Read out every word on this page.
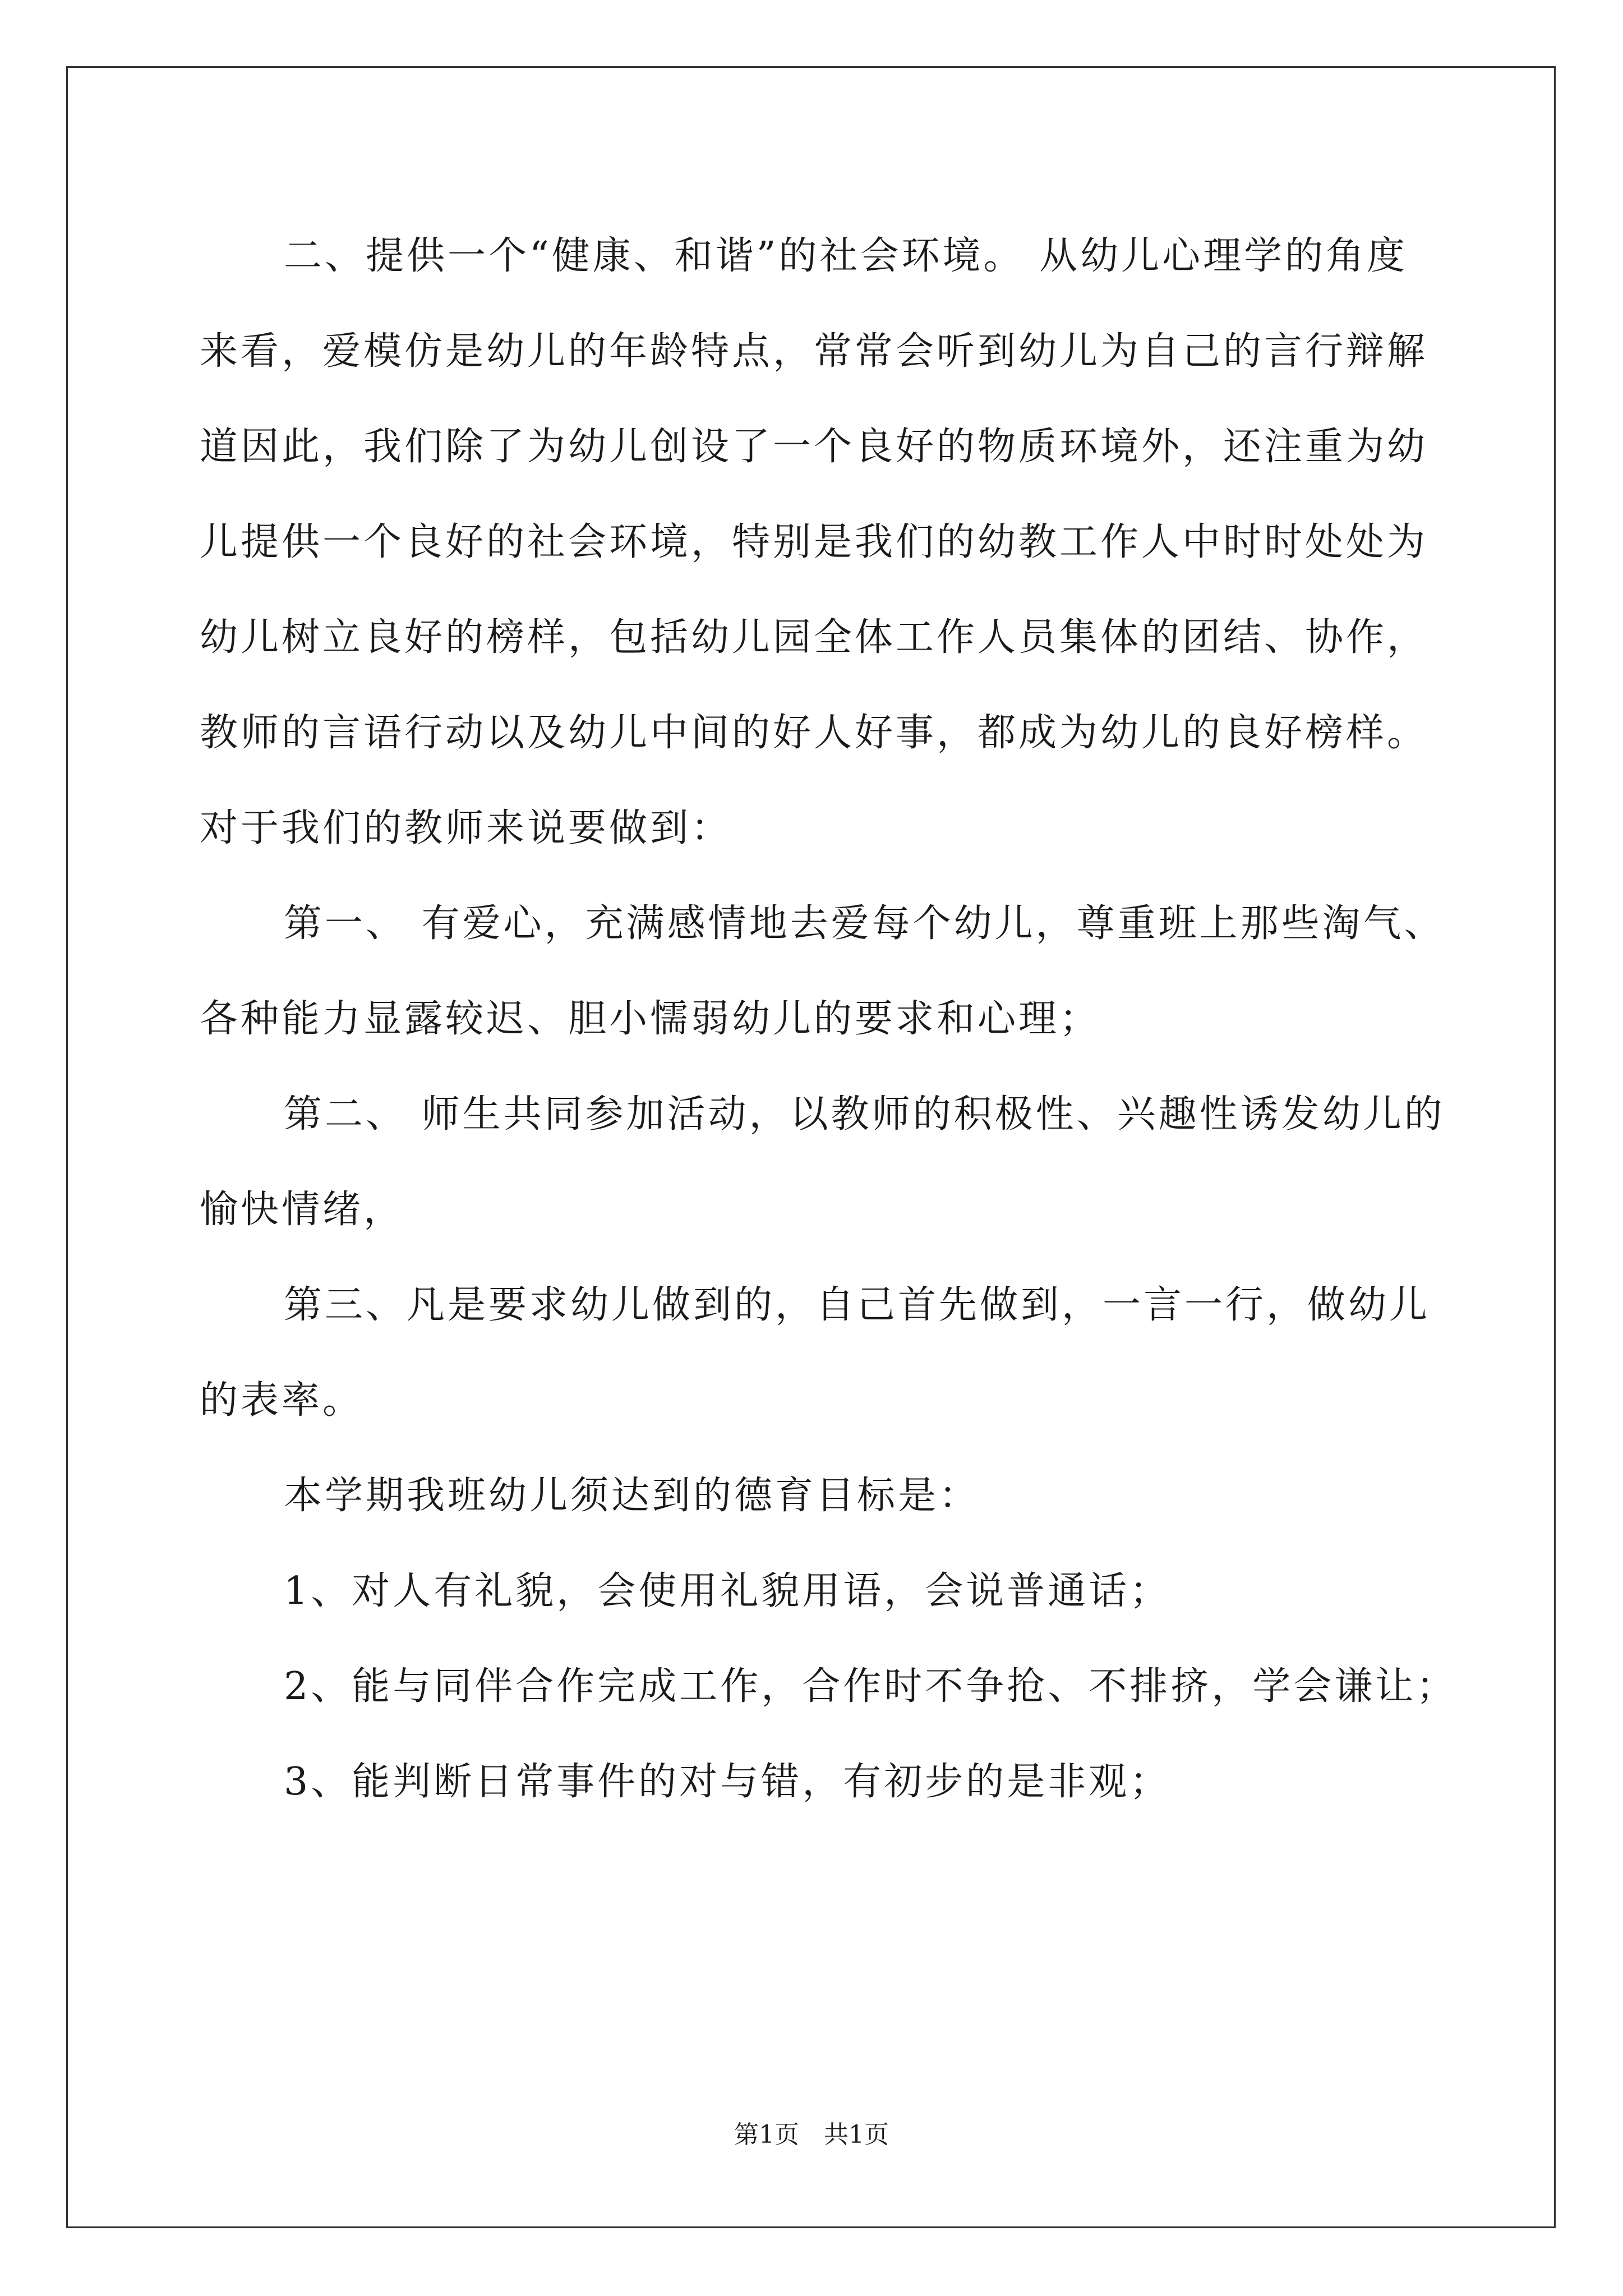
二、提供一个“健康、和谐”的社会环境。 从幼儿心理学的角度
来看，爱模仿是幼儿的年龄特点，常常会听到幼儿为自己的言行辩解
道因此，我们除了为幼儿创设了一个良好的物质环境外，还注重为幼
儿提供一个良好的社会环境，特别是我们的幼教工作人中时时处处为
幼儿树立良好的榜样，包括幼儿园全体工作人员集体的团结、协作，
教师的言语行动以及幼儿中间的好人好事，都成为幼儿的良好榜样。
对于我们的教师来说要做到：
第一、 有爱心，充满感情地去爱每个幼儿，尊重班上那些淘气、
各种能力显露较迟、胆小懦弱幼儿的要求和心理；
第二、 师生共同参加活动，以教师的积极性、兴趣性诱发幼儿的
愉快情绪，
第三、凡是要求幼儿做到的，自己首先做到，一言一行，做幼儿
的表率。
本学期我班幼儿须达到的德育目标是：
1、对人有礼貌，会使用礼貌用语，会说普通话；
2、能与同伴合作完成工作，合作时不争抢、不排挤，学会谦让；
3、能判断日常事件的对与错，有初步的是非观；
第1页 共1页
